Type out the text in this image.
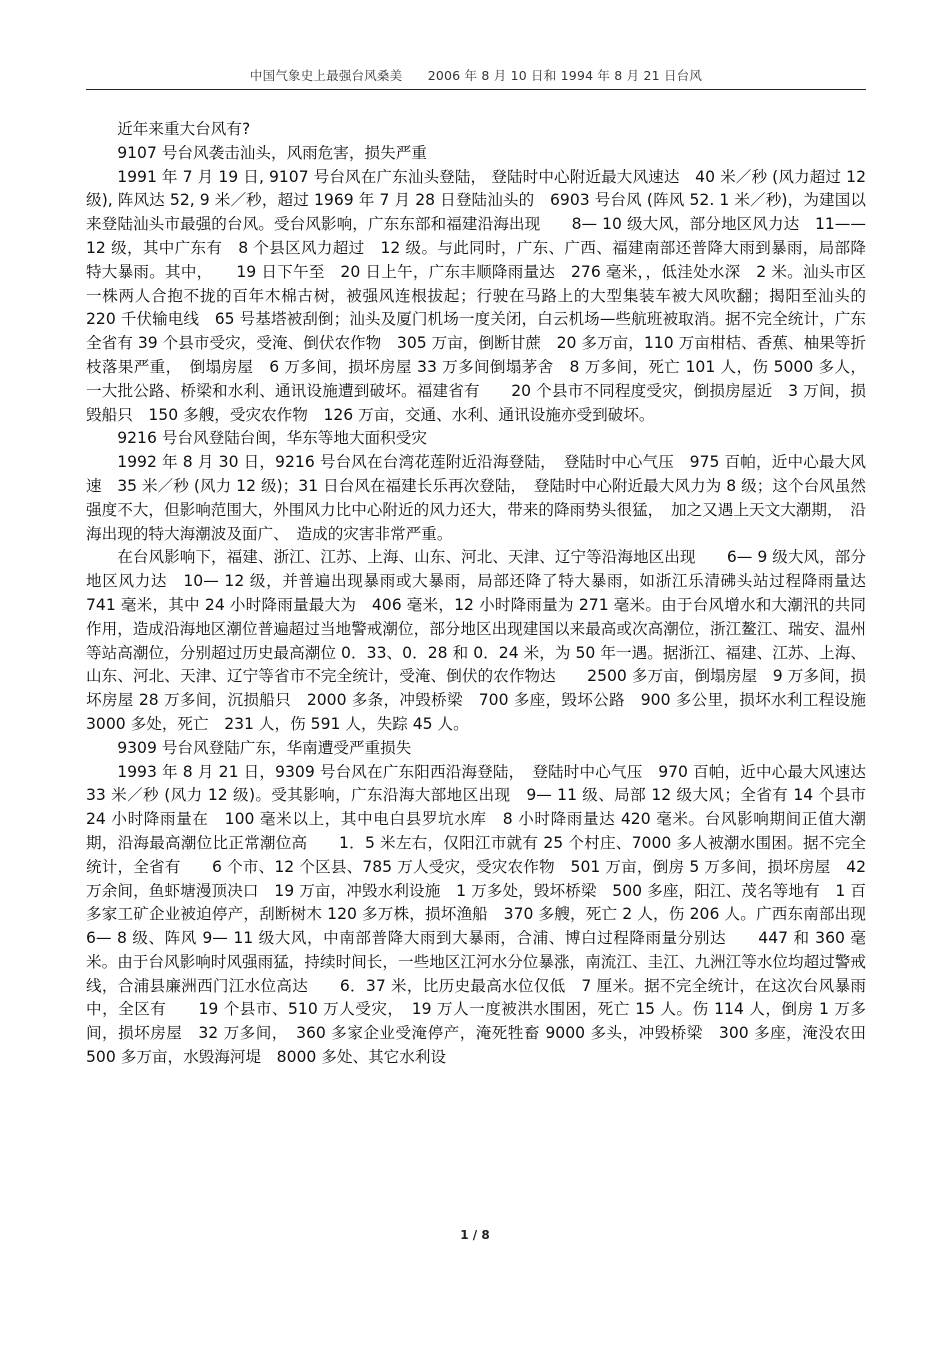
中国气象史上最强台风桑美　　2006 年 8 月 10 日和 1994 年 8 月 21 日台风

近年来重大台风有?

9107 号台风袭击汕头，风雨危害，损失严重

1991 年 7 月 19 日, 9107 号台风在广东汕头登陆， 登陆时中心附近最大风速达　40 米／秒 (风力超过 12 级), 阵风达 52, 9 米／秒，超过 1969 年 7 月 28 日登陆汕头的　6903 号台风 (阵风 52. 1 米／秒)，为建国以来登陆汕头市最强的台风。受台风影响，广东东部和福建沿海出现　　8— 10 级大风，部分地区风力达　11—— 12 级，其中广东有　8 个县区风力超过　12 级。与此同时，广东、广西、福建南部还普降大雨到暴雨，局部降特大暴雨。其中，　　19 日下午至　20 日上午，广东丰顺降雨量达　276 毫米，，低洼处水深　2 米。汕头市区一株两人合抱不拢的百年木棉古树，被强风连根拔起；行驶在马路上的大型集装车被大风吹翻；揭阳至汕头的　　220 千伏输电线　65 号基塔被刮倒；汕头及厦门机场一度关闭，白云机场—些航班被取消。据不完全统计，广东全省有 39 个县市受灾，受淹、倒伏农作物　305 万亩，倒断甘蔗　20 多万亩，110 万亩柑桔、香蕉、柚果等折枝落果严重，　倒塌房屋　6 万多间，损坏房屋 33 万多间倒塌茅舍　8 万多间，死亡 101 人，伤 5000 多人，一大批公路、桥梁和水利、通讯设施遭到破坏。福建省有　　20 个县市不同程度受灾，倒损房屋近　3 万间，损毁船只　150 多艘，受灾农作物　126 万亩，交通、水利、通讯设施亦受到破坏。

9216 号台风登陆台闽，华东等地大面积受灾

1992 年 8 月 30 日，9216 号台风在台湾花莲附近沿海登陆，　登陆时中心气压　975 百帕，近中心最大风速　35 米／秒 (风力 12 级)；31 日台风在福建长乐再次登陆，　登陆时中心附近最大风力为 8 级；这个台风虽然强度不大，但影响范围大，外围风力比中心附近的风力还大，带来的降雨势头很猛，　加之又遇上天文大潮期，　沿海出现的特大海潮波及面广、　造成的灾害非常严重。

在台风影响下，福建、浙江、江苏、上海、山东、河北、天津、辽宁等沿海地区出现　　6— 9 级大风，部分地区风力达　10— 12 级，并普遍出现暴雨或大暴雨，局部还降了特大暴雨，如浙江乐清砩头站过程降雨量达　　741 毫米，其中 24 小时降雨量最大为　406 毫米，12 小时降雨量为 271 毫米。由于台风增水和大潮汛的共同作用，造成沿海地区潮位普遍超过当地警戒潮位，部分地区出现建国以来最高或次高潮位，浙江鳌江、瑞安、温州等站高潮位，分别超过历史最高潮位 0．33、0．28 和 0．24 米，为 50 年一遇。据浙江、福建、江苏、上海、山东、河北、天津、辽宁等省市不完全统计，受淹、倒伏的农作物达　　2500 多万亩，倒塌房屋　9 万多间，损坏房屋 28 万多间，沉损船只　2000 多条，冲毁桥梁　700 多座，毁坏公路　900 多公里，损坏水利工程设施　3000 多处，死亡　231 人，伤 591 人，失踪 45 人。

9309 号台风登陆广东，华南遭受严重损失

1993 年 8 月 21 日，9309 号台风在广东阳西沿海登陆，　登陆时中心气压　970 百帕，近中心最大风速达 33 米／秒 (风力 12 级)。受其影响，广东沿海大部地区出现　9— 11 级、局部 12 级大风；全省有 14 个县市 24 小时降雨量在　100 毫米以上，其中电白县罗坑水库　8 小时降雨量达 420 毫米。台风影响期间正值大潮期，沿海最高潮位比正常潮位高　　1．5 米左右，仅阳江市就有 25 个村庄、7000 多人被潮水围困。据不完全统计，全省有　　6 个市、12 个区县、785 万人受灾，受灾农作物　501 万亩，倒房 5 万多间，损坏房屋　42 万余间，鱼虾塘漫顶决口　19 万亩，冲毁水利设施　1 万多处，毁坏桥梁　500 多座，阳江、茂名等地有　1 百多家工矿企业被迫停产，刮断树木 120 多万株，损坏渔船　370 多艘，死亡 2 人，伤 206 人。广西东南部出现　6— 8 级、阵风 9— 11 级大风，中南部普降大雨到大暴雨，合浦、博白过程降雨量分别达　　447 和 360 毫米。由于台风影响时风强雨猛，持续时间长，一些地区江河水分位暴涨，南流江、圭江、九洲江等水位均超过警戒线，合浦县廉洲西门江水位高达　　6．37 米，比历史最高水位仅低　7 厘米。据不完全统计，在这次台风暴雨中，全区有　　19 个县市、510 万人受灾，　19 万人一度被洪水围困，死亡 15 人。伤 114 人，倒房 1 万多间，损坏房屋　32 万多间，　360 多家企业受淹停产，淹死牲畜 9000 多头，冲毁桥梁　300 多座，淹没农田　500 多万亩，水毁海河堤　8000 多处、其它水利设

1 / 8
